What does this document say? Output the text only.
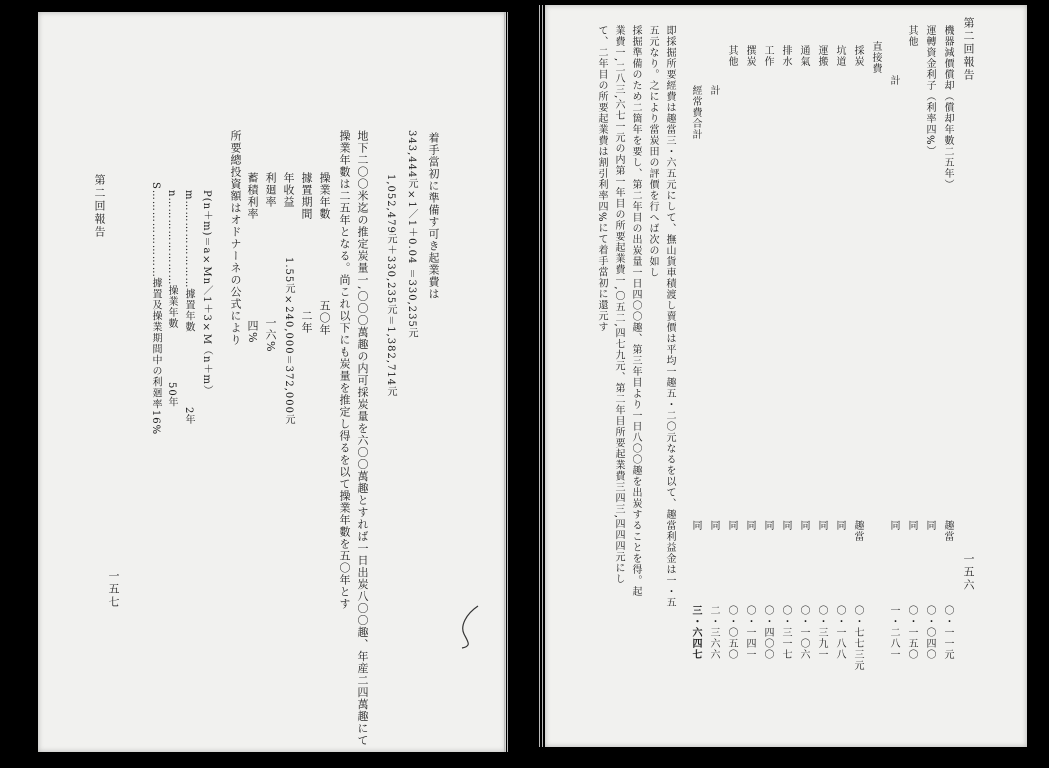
第二回報告
一五七
S……………………據置及操業期間中の利廻率16% n……………………操業年數
50年
m……………………據置年數
2年
P(n＋m)＝a×Mn／1＋3×M（n＋m） 所要總投資額はオドナーネの公式により 蓄積利率
四%
利廻率
一六%
年收益
1.55元×240,000＝372,000元
據置期間
二年
操業年數
五〇年 操業年數は二五年となる。尚これ以下にも炭量を推定し得るを以て操業年數を五〇年とす 地下二〇〇米迄の推定炭量一,〇〇〇萬趣の内可採炭量を六〇〇萬趣とすれば一日出炭八〇〇趣、年産二四萬趣にて 1,052,479元＋330,235元＝1,382,714元 343,444元×1／1＋0.04 ＝330,235元 着手當初に準備す可き起業費は
第二回報告
一五六
機器減價償却（償却年數二五年）
趣當
〇・一一元
運轉資金利子（利率四%）
同
〇・〇四〇
其他
同
〇・一五〇
計
同
一・二八一
直接費
採炭
趣當
〇・七七三元
坑道
同
〇・一八八
運搬
同
〇・三九一
通氣
同
〇・一〇六
排水
同
〇・三一七
工作
同
〇・四〇〇
撰炭
同
〇・一四一
其他
同
〇・〇五〇
計
同
二・三六六
經常費合計
同
三・六四七
即採掘所要經費は趣當三・六五元にして、撫山貨車積渡し賣價は平均一趣五・二〇元なるを以て、趣當利益金は一・五
五元なり。之により當炭田の評價を行へば次の如し
採掘準備のため二箇年を要し、第二年目の出炭量一日四〇〇趣、第三年目より一日八〇〇趣を出炭することを得。起
業費一,二八三,六七一元の内第一年目の所要起業費一,〇五二,四七九元、第二年目所要起業費三四三,四四四元にし
て、二年目の所要起業費は割引利率四%にて着手當初に還元す
